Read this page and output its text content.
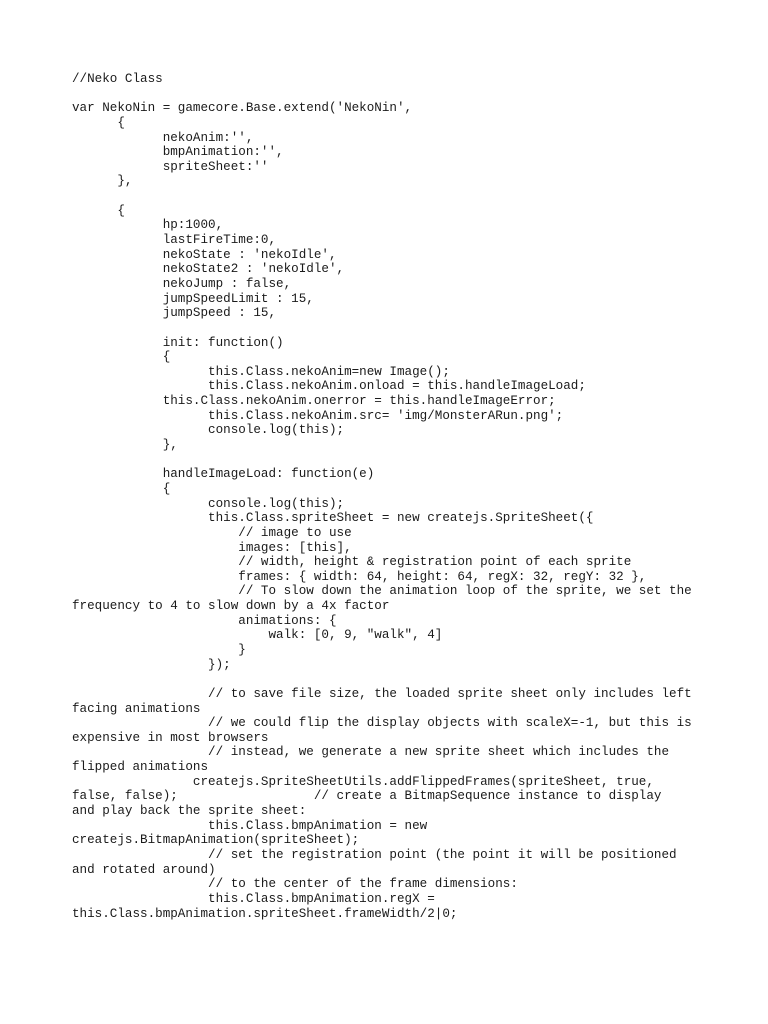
//Neko Class
var NekoNin = gamecore.Base.extend('NekoNin',
{
nekoAnim:'',
bmpAnimation:'',
spriteSheet:''
},
{
hp:1000,
lastFireTime:0,
nekoState : 'nekoIdle',
nekoState2 : 'nekoIdle',
nekoJump : false,
jumpSpeedLimit : 15,
jumpSpeed : 15,
init: function()
{
this.Class.nekoAnim=new Image();
this.Class.nekoAnim.onload = this.handleImageLoad;
this.Class.nekoAnim.onerror = this.handleImageError;
this.Class.nekoAnim.src= 'img/MonsterARun.png';
console.log(this);
},
handleImageLoad: function(e)
{
console.log(this);
this.Class.spriteSheet = new createjs.SpriteSheet({
// image to use
images: [this],
// width, height & registration point of each sprite
frames: { width: 64, height: 64, regX: 32, regY: 32 },
// To slow down the animation loop of the sprite, we set the
frequency to 4 to slow down by a 4x factor
animations: {
walk: [0, 9, "walk", 4]
}
});
// to save file size, the loaded sprite sheet only includes left
facing animations
// we could flip the display objects with scaleX=-1, but this is
expensive in most browsers
// instead, we generate a new sprite sheet which includes the
flipped animations
createjs.SpriteSheetUtils.addFlippedFrames(spriteSheet, true,
false, false);                  // create a BitmapSequence instance to display
and play back the sprite sheet:
this.Class.bmpAnimation = new
createjs.BitmapAnimation(spriteSheet);
// set the registration point (the point it will be positioned
and rotated around)
// to the center of the frame dimensions:
this.Class.bmpAnimation.regX =
this.Class.bmpAnimation.spriteSheet.frameWidth/2|0;
